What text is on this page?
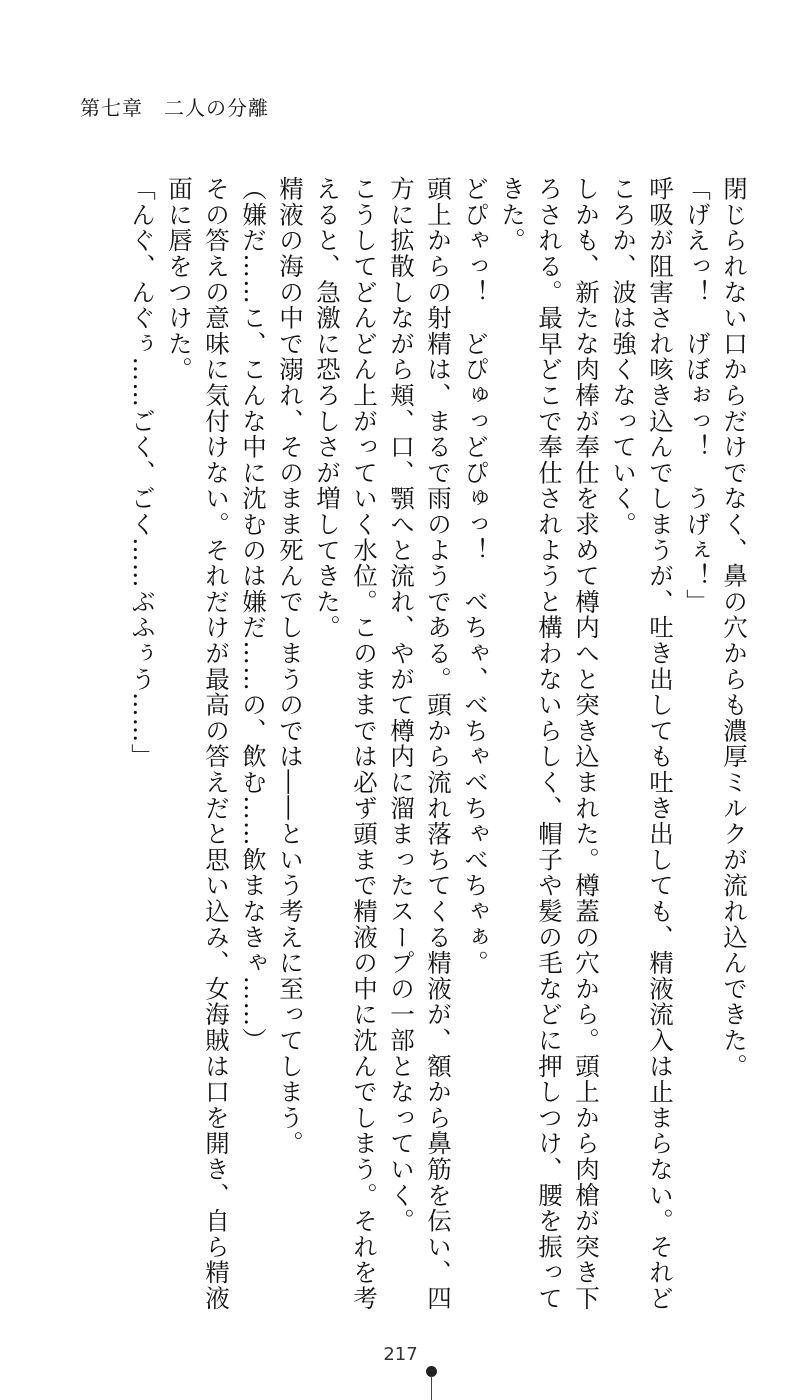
第七章　二人の分離

閉じられない口からだけでなく、鼻の穴からも濃厚ミルクが流れ込んできた。

「げえっ！　げぼぉっ！　うげぇ！」

呼吸が阻害され咳き込んでしまうが、吐き出しても吐き出しても、精液流入は止まらない。それどころか、波は強くなっていく。

しかも、新たな肉棒が奉仕を求めて樽内へと突き込まれた。樽蓋の穴から。頭上から肉槍が突き下ろされる。最早どこで奉仕されようと構わないらしく、帽子や髪の毛などに押しつけ、腰を振ってきた。

どぴゃっ！　どぴゅっどぴゅっ！　べちゃ、べちゃべちゃべちゃぁ。

頭上からの射精は、まるで雨のようである。頭から流れ落ちてくる精液が、額から鼻筋を伝い、四方に拡散しながら頬、口、顎へと流れ、やがて樽内に溜まったスープの一部となっていく。

こうしてどんどん上がっていく水位。このままでは必ず頭まで精液の中に沈んでしまう。それを考えると、急激に恐ろしさが増してきた。

精液の海の中で溺れ、そのまま死んでしまうのでは――という考えに至ってしまう。

（嫌だ……こ、こんな中に沈むのは嫌だ……の、飲む……飲まなきゃ……）

その答えの意味に気付けない。それだけが最高の答えだと思い込み、女海賊は口を開き、自ら精液面に唇をつけた。

「んぐ、んぐぅ……ごく、ごく……ぶふぅう……」

217
